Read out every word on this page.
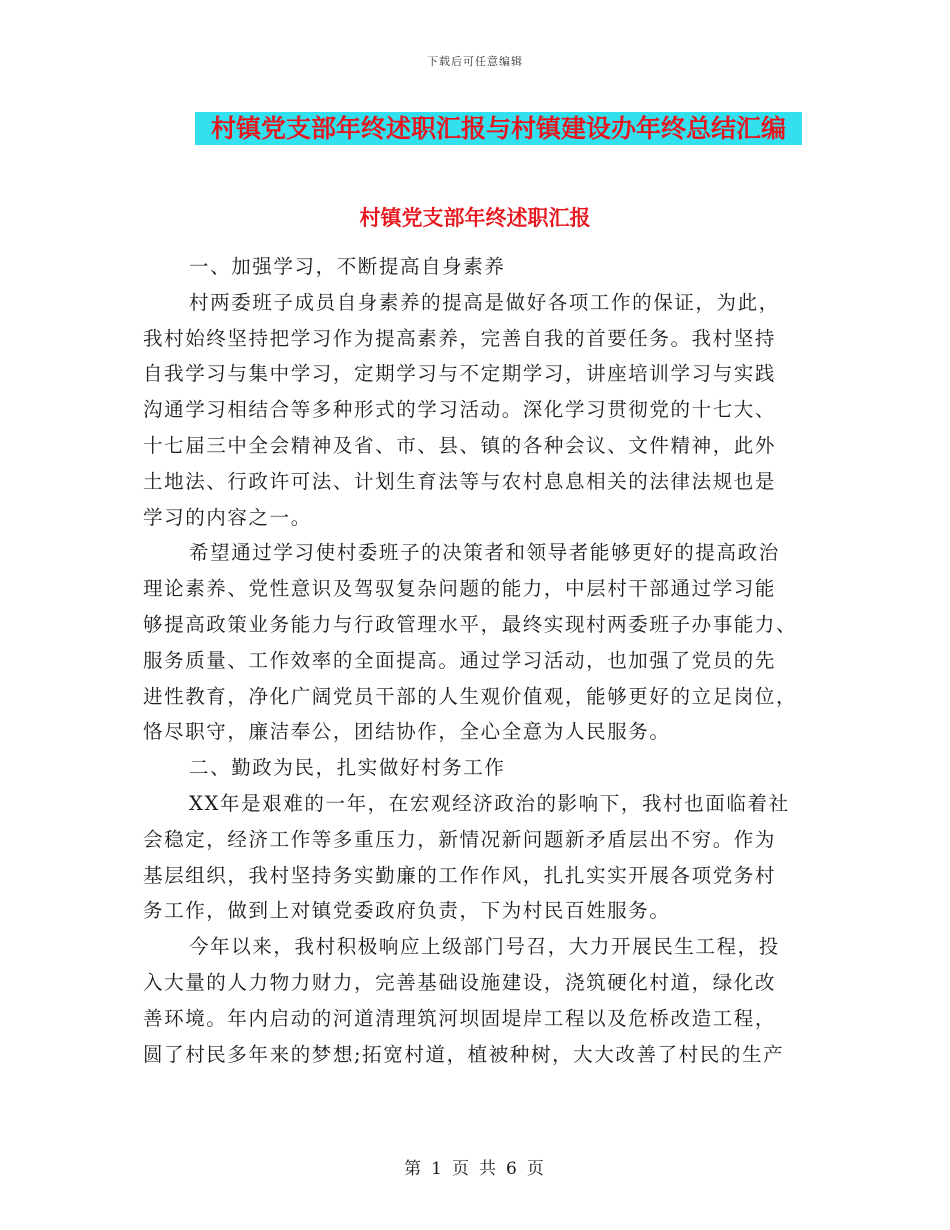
下载后可任意编辑
村镇党支部年终述职汇报与村镇建设办年终总结汇编
村镇党支部年终述职汇报
一、加强学习，不断提高自身素养
村两委班子成员自身素养的提高是做好各项工作的保证，为此，
我村始终坚持把学习作为提高素养，完善自我的首要任务。我村坚持
自我学习与集中学习，定期学习与不定期学习，讲座培训学习与实践
沟通学习相结合等多种形式的学习活动。深化学习贯彻党的十七大、
十七届三中全会精神及省、市、县、镇的各种会议、文件精神，此外
土地法、行政许可法、计划生育法等与农村息息相关的法律法规也是
学习的内容之一。
希望通过学习使村委班子的决策者和领导者能够更好的提高政治
理论素养、党性意识及驾驭复杂问题的能力，中层村干部通过学习能
够提高政策业务能力与行政管理水平，最终实现村两委班子办事能力、
服务质量、工作效率的全面提高。通过学习活动，也加强了党员的先
进性教育，净化广阔党员干部的人生观价值观，能够更好的立足岗位，
恪尽职守，廉洁奉公，团结协作，全心全意为人民服务。
二、勤政为民，扎实做好村务工作
XX年是艰难的一年，在宏观经济政治的影响下，我村也面临着社
会稳定，经济工作等多重压力，新情况新问题新矛盾层出不穷。作为
基层组织，我村坚持务实勤廉的工作作风，扎扎实实开展各项党务村
务工作，做到上对镇党委政府负责，下为村民百姓服务。
今年以来，我村积极响应上级部门号召，大力开展民生工程，投
入大量的人力物力财力，完善基础设施建设，浇筑硬化村道，绿化改
善环境。年内启动的河道清理筑河坝固堤岸工程以及危桥改造工程，
圆了村民多年来的梦想;拓宽村道，植被种树，大大改善了村民的生产
第 1 页 共 6 页
